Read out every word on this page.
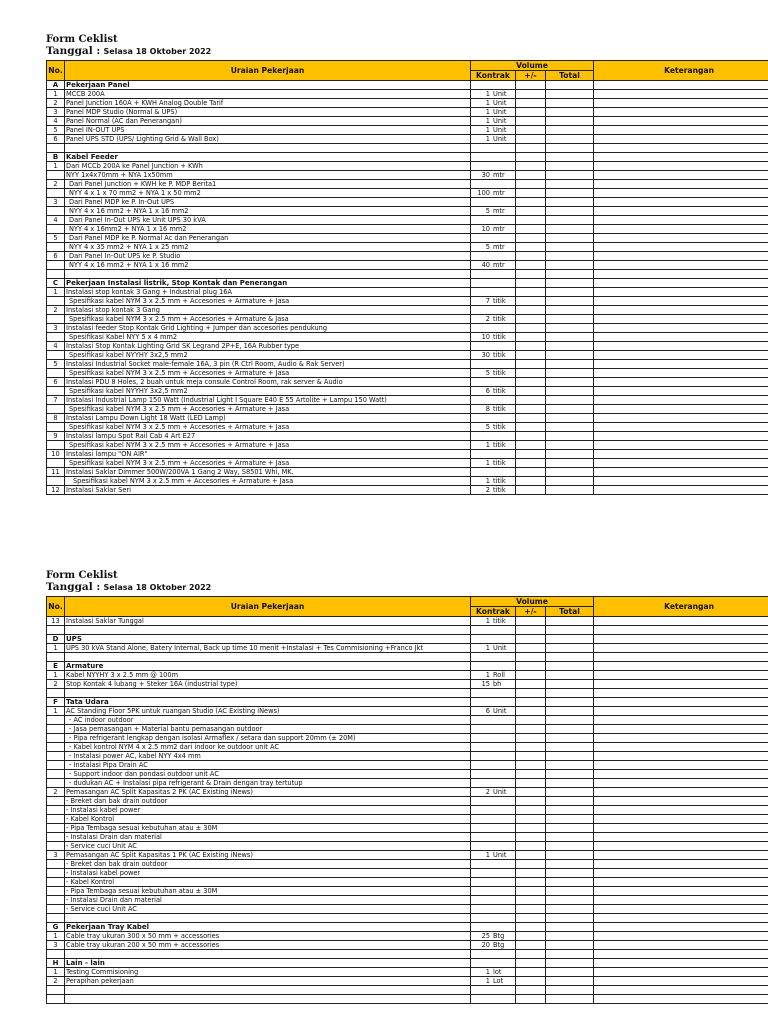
Form Ceklist
Tanggal : Selasa 18 Oktober 2022
No.	Uraian Pekerjaan	Volume			Keterangan
		Kontrak	+/-	Total	
A	Pekerjaan Panel				
1	MCCB 200A	1 Unit			
2	Panel Junction 160A + KWH Analog Double Tarif	1 Unit			
3	Panel MDP Studio (Normal & UPS)	1 Unit			
4	Panel Normal (AC dan Penerangan)	1 Unit			
5	Panel IN-OUT UPS	1 Unit			
6	Panel UPS STD (UPS/ Lighting Grid & Wall Box)	1 Unit			

B	Kabel Feeder				
1	Dari MCCb 200A ke Panel Junction + KWh				
	NYY 1x4x70mm + NYA 1x50mm	30 mtr			
2	Dari Panel Junction + KWH ke P. MDP Berita1				
	NYY 4 x 1 x 70 mm2 + NYA 1 x 50 mm2	100 mtr			
3	Dari Panel MDP ke P. In-Out UPS				
	NYY 4 x 16 mm2 + NYA 1 x 16 mm2	5 mtr			
4	Dari Panel In-Out UPS ke Unit UPS 30 kVA				
	NYY 4 x 16mm2 + NYA 1 x 16 mm2	10 mtr			
5	Dari Panel MDP ke P. Normal Ac dan Penerangan				
	NYY 4 x 35 mm2 + NYA 1 x 25 mm2	5 mtr			
6	Dari Panel In-Out UPS ke P. Studio				
	NYY 4 x 16 mm2 + NYA 1 x 16 mm2	40 mtr			

C	Pekerjaan Instalasi listrik, Stop Kontak dan Penerangan				
1	Instalasi stop kontak 3 Gang + Industrial plug 16A				
	Spesifikasi kabel NYM 3 x 2.5 mm + Accesories + Armature + Jasa	7 titik			
2	Instalasi stop kontak 3 Gang				
	Spesifikasi kabel NYM 3 x 2.5 mm + Accesories + Armature & Jasa	2 titik			
3	Instalasi feeder Stop Kontak Grid Lighting + Jumper dan accesories pendukung				
	Spesifikasi Kabel NYY 5 x 4 mm2	10 titik			
4	Instalasi Stop Kontak Lighting Grid SK Legrand 2P+E, 16A Rubber type				
	Spesifikasi kabel NYYHY 3x2,5 mm2	30 titik			
5	Instalasi Industrial Socket male-female 16A, 3 pin (R Ctrl Room, Audio & Rak Server)				
	Spesifikasi kabel NYM 3 x 2.5 mm + Accesories + Armature + Jasa	5 titik			
6	Instalasi PDU 8 Holes, 2 buah untuk meja consule Control Room, rak server & Audio				
	Spesifikasi kabel NYYHY 3x2,5 mm2	6 titik			
7	Instalasi Industrial Lamp 150 Watt (Industrial Light I Square E40 E 55 Artolite + Lampu 150 Watt)				
	Spesifikasi kabel NYM 3 x 2.5 mm + Accesories + Armature + Jasa	8 titik			
8	Instalasi Lampu Down Light 18 Watt (LED Lamp)				
	Spesifikasi kabel NYM 3 x 2.5 mm + Accesories + Armature + Jasa	5 titik			
9	Instalasi lampu Spot Rail Cab 4 Art E27				
	Spesifikasi kabel NYM 3 x 2.5 mm + Accesories + Armature + Jasa	1 titik			
10	Instalasi lampu "ON AIR"				
	Spesifikasi kabel NYM 3 x 2.5 mm + Accesories + Armature + Jasa	1 titik			
11	Instalasi Saklar Dimmer 500W/200VA 1 Gang 2 Way, S8501 Whi, MK.				
	Spesifikasi kabel NYM 3 x 2.5 mm + Accesories + Armature + Jasa	1 titik			
12	Instalasi Saklar Seri	2 titik			
Form Ceklist
Tanggal : Selasa 18 Oktober 2022
No.	Uraian Pekerjaan	Volume			Keterangan
		Kontrak	+/-	Total	
13	Instalasi Saklar Tunggal	1 titik			

D	UPS				
1	UPS 30 kVA Stand Alone, Batery Internal, Back up time 10 menit +Instalasi + Tes Commisioning +Franco Jkt	1 Unit			

E	Armature				
1	Kabel NYYHY 3 x 2.5 mm @ 100m	1 Roll			
2	Stop Kontak 4 lubang + Steker 16A (industrial type)	15 bh			

F	Tata Udara				
1	AC Standing Floor 5PK untuk ruangan Studio (AC Existing iNews)	6 Unit			
	- AC indoor outdoor				
	- Jasa pemasangan + Material bantu pemasangan outdoor				
	- Pipa refrigerant lengkap dengan isolasi Armaflex / setara dan support 20mm (± 20M)				
	- Kabel kontrol NYM 4 x 2.5 mm2 dari indoor ke outdoor unit AC				
	- Instalasi power AC, kabel NYY 4x4 mm				
	- Instalasi Pipa Drain AC				
	- Support indoor dan pondasi outdoor unit AC				
	- dudukan AC + Instalasi pipa refrigerant & Drain dengan tray tertutup				
2	Pemasangan AC Split Kapasitas 2 PK (AC Existing iNews)	2 Unit			
	- Breket dan bak drain outdoor				
	- Instalasi kabel power				
	- Kabel Kontrol				
	- Pipa Tembaga sesuai kebutuhan atau ± 30M				
	- Instalasi Drain dan material				
	- Service cuci Unit AC				
3	Pemasangan AC Split Kapasitas 1 PK (AC Existing iNews)	1 Unit			
	- Breket dan bak drain outdoor				
	- Instalasi kabel power				
	- Kabel Kontrol				
	- Pipa Tembaga sesuai kebutuhan atau ± 30M				
	- Instalasi Drain dan material				
	- Service cuci Unit AC				

G	Pekerjaan Tray Kabel				
1	Cable tray ukuran 300 x 50 mm + accessories	25 Btg			
3	Cable tray ukuran 200 x 50 mm + accessories	20 Btg			

H	Lain - lain				
1	Testing Commisioning	1 lot			
2	Perapihan pekerjaan	1 Lot			
